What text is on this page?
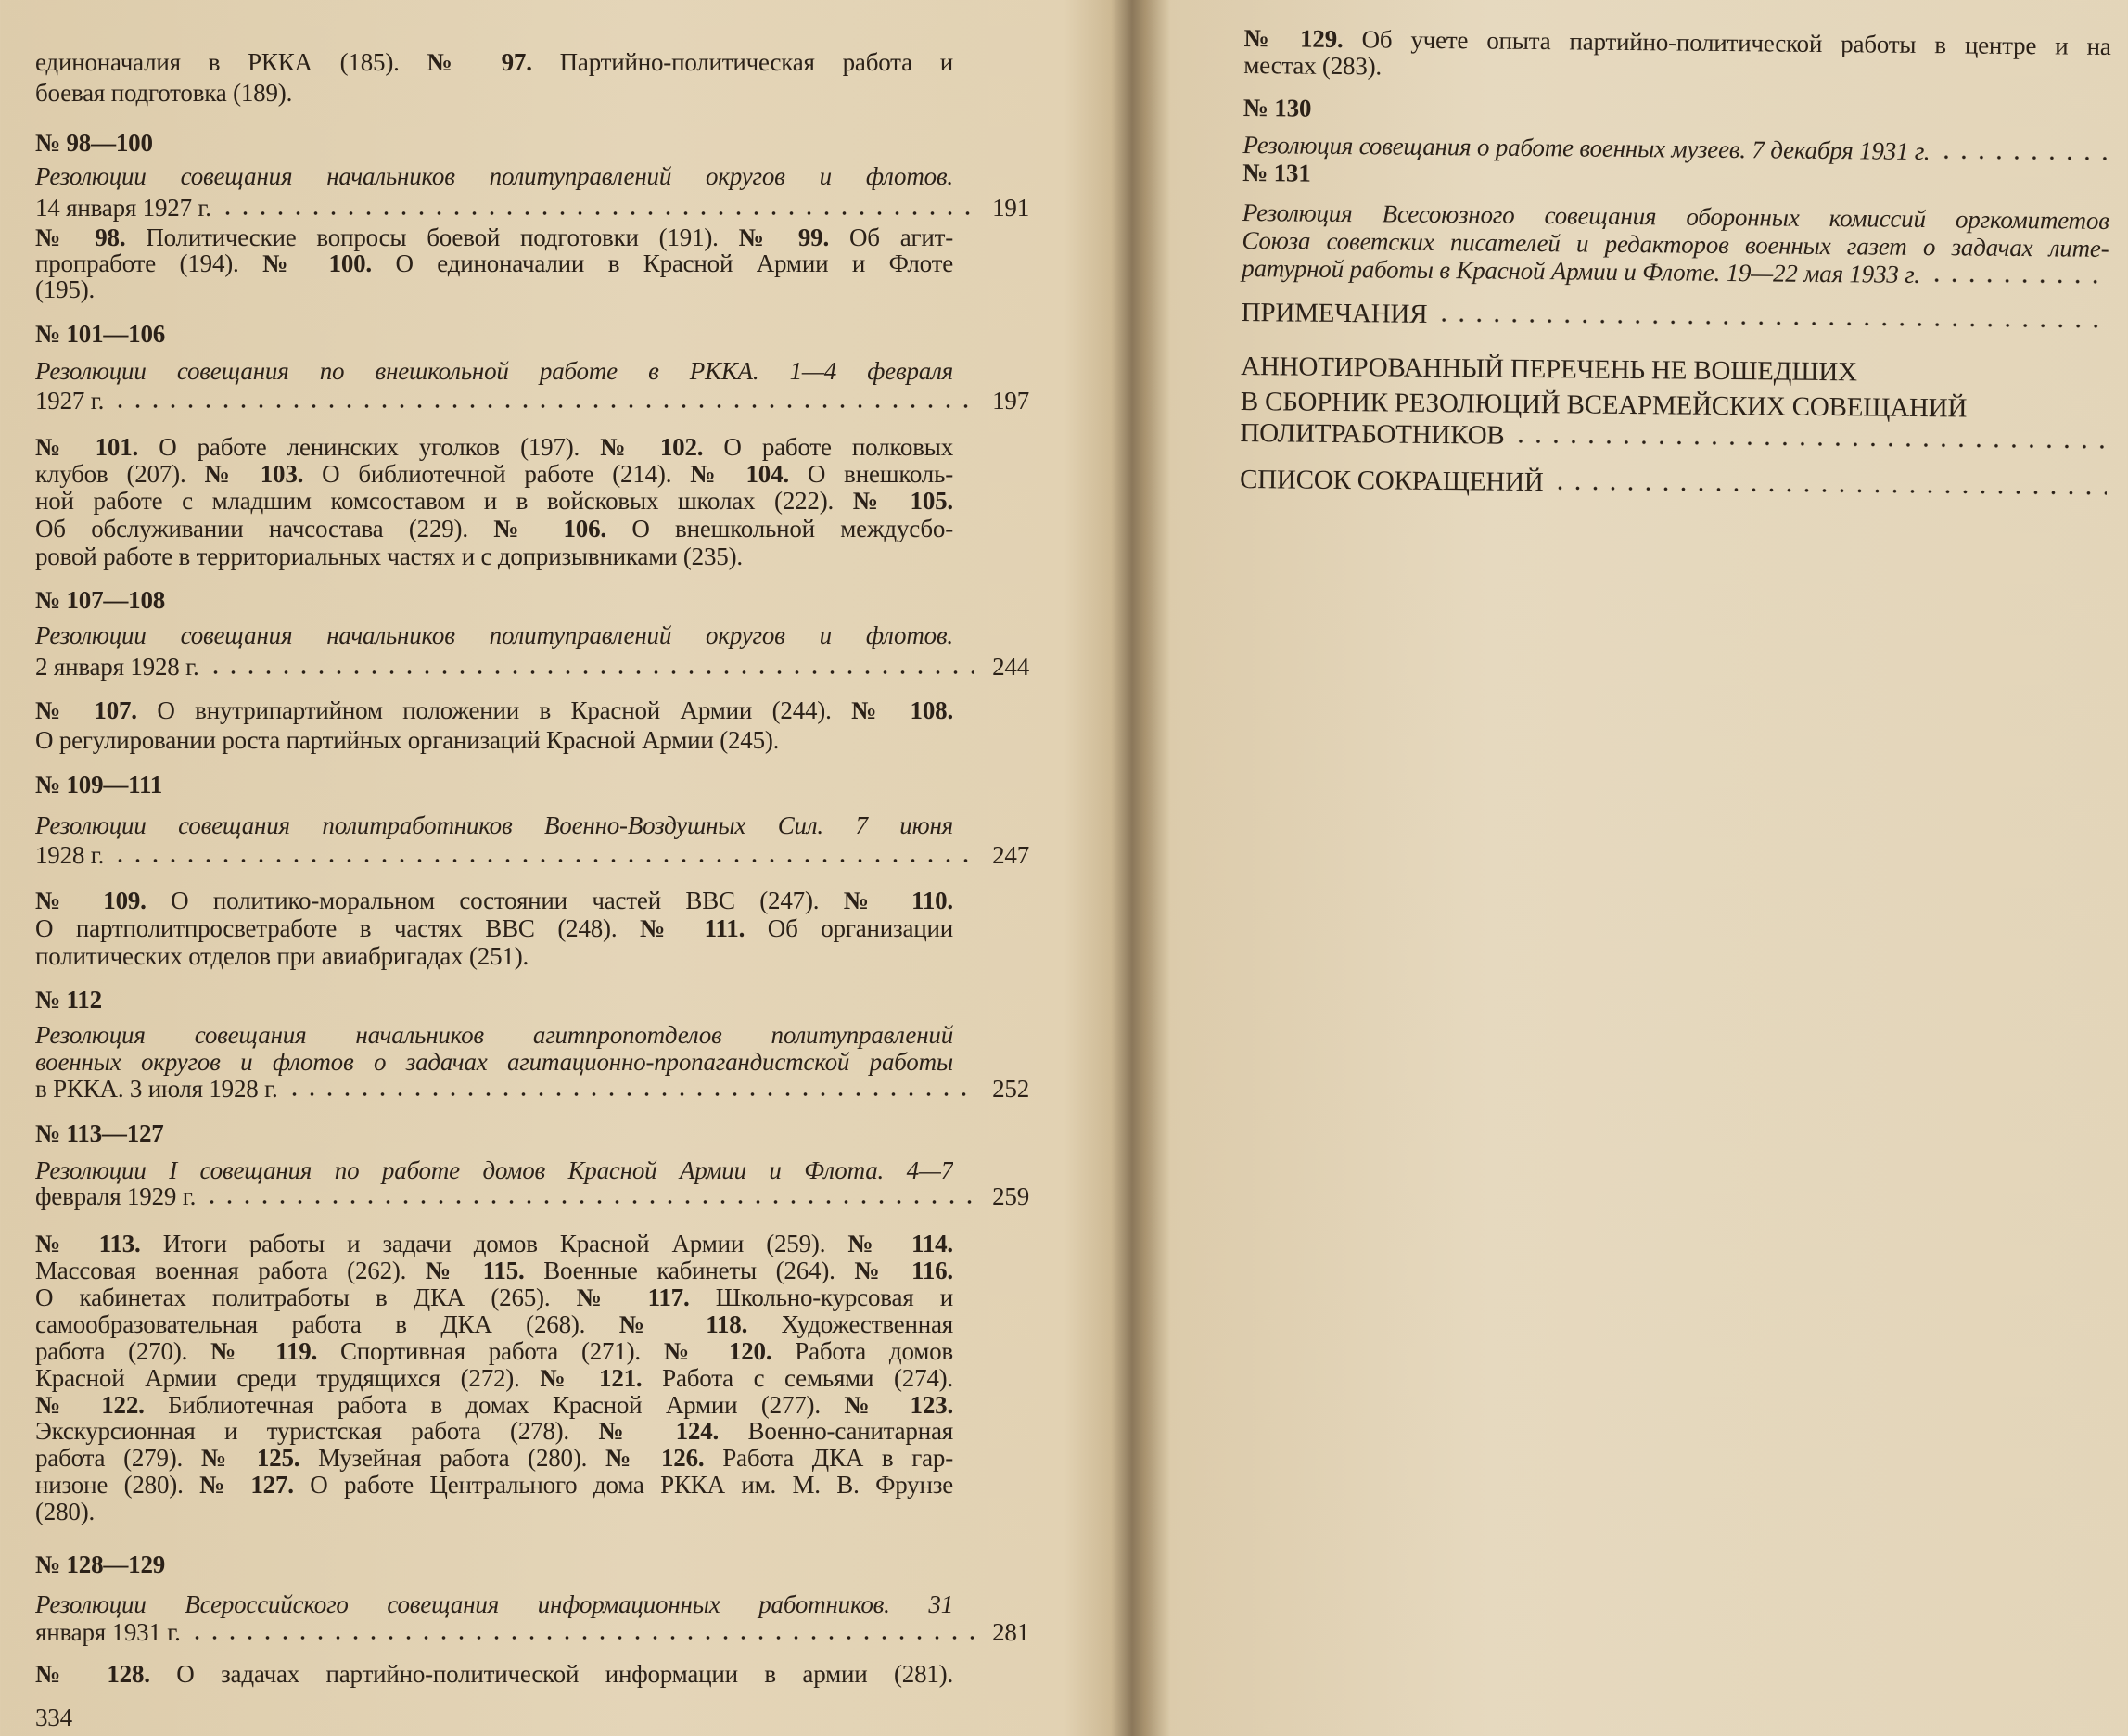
единоначалия в РККА (185). № 97. Партийно-политическая работа и
боевая подготовка (189).
№ 98—100
Резолюции совещания начальников политуправлений округов и флотов.
14 января 1927 г.	191
№ 98. Политические вопросы боевой подготовки (191). № 99. Об агит-
пропработе (194). № 100. О единоначалии в Красной Армии и Флоте
(195).
№ 101—106
Резолюции совещания по внешкольной работе в РККА. 1—4 февраля
1927 г.	197
№ 101. О работе ленинских уголков (197). № 102. О работе полковых
клубов (207). № 103. О библиотечной работе (214). № 104. О внешколь-
ной работе с младшим комсоставом и в войсковых школах (222). № 105.
Об обслуживании начсостава (229). № 106. О внешкольной междусбо-
ровой работе в территориальных частях и с допризывниками (235).
№ 107—108
Резолюции совещания начальников политуправлений округов и флотов.
2 января 1928 г.	244
№ 107. О внутрипартийном положении в Красной Армии (244). № 108.
О регулировании роста партийных организаций Красной Армии (245).
№ 109—111
Резолюции совещания политработников Военно-Воздушных Сил. 7 июня
1928 г.	247
№ 109. О политико-моральном состоянии частей ВВС (247). № 110.
О партполитпросветработе в частях ВВС (248). № 111. Об организации
политических отделов при авиабригадах (251).
№ 112
Резолюция совещания начальников агитпропотделов политуправлений
военных округов и флотов о задачах агитационно-пропагандистской работы
в РККА. 3 июля 1928 г.	252
№ 113—127
Резолюции I совещания по работе домов Красной Армии и Флота. 4—7
февраля 1929 г.	259
№ 113. Итоги работы и задачи домов Красной Армии (259). № 114.
Массовая военная работа (262). № 115. Военные кабинеты (264). № 116.
О кабинетах политработы в ДКА (265). № 117. Школьно-курсовая и
самообразовательная работа в ДКА (268). № 118. Художественная
работа (270). № 119. Спортивная работа (271). № 120. Работа домов
Красной Армии среди трудящихся (272). № 121. Работа с семьями (274).
№ 122. Библиотечная работа в домах Красной Армии (277). № 123.
Экскурсионная и туристская работа (278). № 124. Военно-санитарная
работа (279). № 125. Музейная работа (280). № 126. Работа ДКА в гар-
низоне (280). № 127. О работе Центрального дома РККА им. М. В. Фрунзе
(280).
№ 128—129
Резолюции Всероссийского совещания информационных работников. 31
января 1931 г.	281
№ 128. О задачах партийно-политической информации в армии (281).
334
№ 129. Об учете опыта партийно-политической работы в центре и на
местах (283).
№ 130
Резолюция совещания о работе военных музеев. 7 декабря 1931 г.
№ 131
Резолюция Всесоюзного совещания оборонных комиссий оргкомитетов
Союза советских писателей и редакторов военных газет о задачах лите-
ратурной работы в Красной Армии и Флоте. 19—22 мая 1933 г.
ПРИМЕЧАНИЯ
АННОТИРОВАННЫЙ ПЕРЕЧЕНЬ НЕ ВОШЕДШИХ
В СБОРНИК РЕЗОЛЮЦИЙ ВСЕАРМЕЙСКИХ СОВЕЩАНИЙ
ПОЛИТРАБОТНИКОВ
СПИСОК СОКРАЩЕНИЙ
